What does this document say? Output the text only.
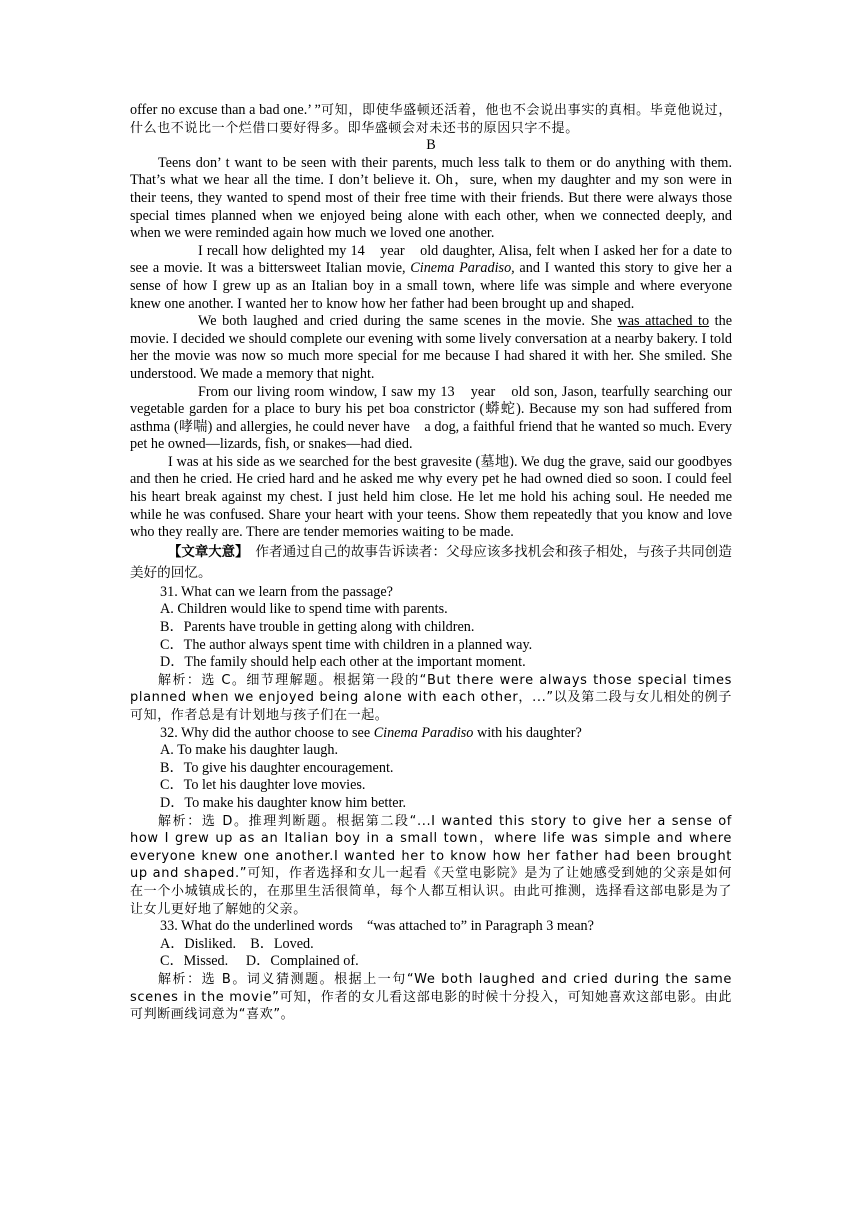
offer no excuse than a bad one.’ ”可知，即使华盛顿还活着，他也不会说出事实的真相。毕竟他说过，什么也不说比一个烂借口要好得多。即华盛顿会对未还书的原因只字不提。

B

Teens don’ t want to be seen with their parents, much less talk to them or do anything with them. That’s what we hear all the time. I don’t believe it. Oh，sure, when my daughter and my son were in their teens, they wanted to spend most of their free time with their friends. But there were always those special times planned when we enjoyed being alone with each other, when we connected deeply, and when we were reminded again how much we loved one another.

I recall how delighted my 14　year　old daughter, Alisa, felt when I asked her for a date to see a movie. It was a bittersweet Italian movie, Cinema Paradiso, and I wanted this story to give her a sense of how I grew up as an Italian boy in a small town, where life was simple and where everyone knew one another. I wanted her to know how her father had been brought up and shaped.

We both laughed and cried during the same scenes in the movie. She was attached to the movie. I decided we should complete our evening with some lively conversation at a nearby bakery. I told her the movie was now so much more special for me because I had shared it with her. She smiled. She understood. We made a memory that night.

From our living room window, I saw my 13　year　old son, Jason, tearfully searching our vegetable garden for a place to bury his pet boa constrictor (蟒蛇). Because my son had suffered from asthma (哮喘) and allergies, he could never have　a dog, a faithful friend that he wanted so much. Every pet he owned—lizards, fish, or snakes—had died.

I was at his side as we searched for the best gravesite (墓地). We dug the grave, said our goodbyes and then he cried. He cried hard and he asked me why every pet he had owned died so soon. I could feel his heart break against my chest. I just held him close. He let me hold his aching soul. He needed me while he was confused. Share your heart with your teens. Show them repeatedly that you know and love who they really are. There are tender memories waiting to be made.

【文章大意】　作者通过自己的故事告诉读者：父母应该多找机会和孩子相处，与孩子共同创造美好的回忆。

31. What can we learn from the passage?

A. Children would like to spend time with parents.

B．Parents have trouble in getting along with children.

C．The author always spent time with children in a planned way.

D．The family should help each other at the important moment.

解析：选 C。细节理解题。根据第一段的“But there were always those special times planned when we enjoyed being alone with each other，...”以及第二段与女儿相处的例子可知，作者总是有计划地与孩子们在一起。

32. Why did the author choose to see Cinema Paradiso with his daughter?

A. To make his daughter laugh.

B．To give his daughter encouragement.

C．To let his daughter love movies.

D．To make his daughter know him better.

解析：选 D。推理判断题。根据第二段“...I wanted this story to give her a sense of how I grew up as an Italian boy in a small town，where life was simple and where everyone knew one another.I wanted her to know how her father had been brought up and shaped.”可知，作者选择和女儿一起看《天堂电影院》是为了让她感受到她的父亲是如何在一个小城镇成长的，在那里生活很简单，每个人都互相认识。由此可推测，选择看这部电影是为了让女儿更好地了解她的父亲。

33. What do the underlined words　“was attached to” in Paragraph 3 mean?

A．Disliked.　B．Loved.

C．Missed.　 D．Complained of.

解析：选 B。词义猜测题。根据上一句“We both laughed and cried during the same scenes in the movie”可知，作者的女儿看这部电影的时候十分投入，可知她喜欢这部电影。由此可判断画线词意为“喜欢”。
